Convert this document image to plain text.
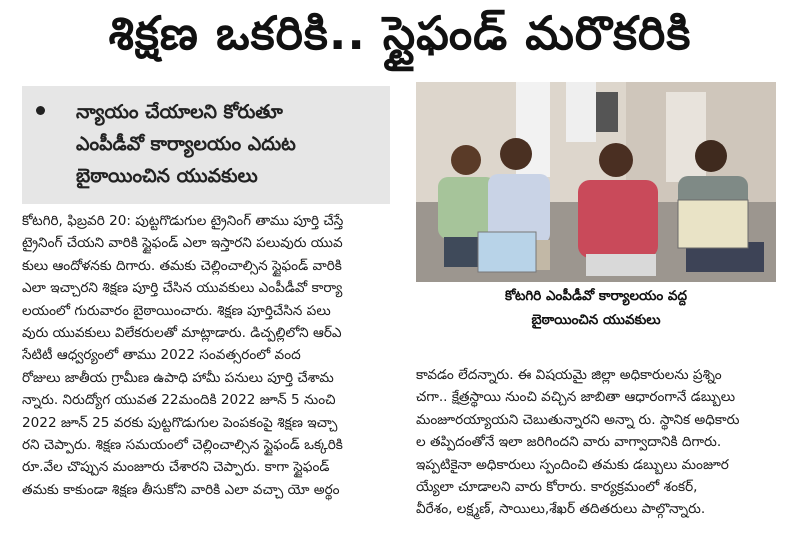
శిక్షణ ఒకరికి.. స్టైఫండ్ మరొకరికి
న్యాయం చేయాలని కోరుతూ
ఎంపీడీవో కార్యాలయం ఎదుట
బైఠాయించిన యువకులు
కోటగిరి ఎంపీడీవో కార్యాలయం వద్ద
బైఠాయించిన యువకులు
కోటగిరి, ఫిబ్రవరి 20: పుట్టగొడుగుల ట్రైనింగ్ తాము పూర్తి చేస్తే
ట్రైనింగ్ చేయని వారికి స్టైఫండ్ ఎలా ఇస్తారని పలువురు యువ
కులు ఆందోళనకు దిగారు. తమకు చెల్లించాల్సిన స్టైఫండ్ వారికి
ఎలా ఇచ్చారని శిక్షణ పూర్తి చేసిన యువకులు ఎంపీడీవో కార్యా
లయంలో గురువారం బైఠాయించారు. శిక్షణ పూర్తిచేసిన పలు
వురు యువకులు విలేకరులతో మాట్లాడారు. డిచ్పల్లిలోని ఆర్ఎ
సేటిటీ ఆధ్వర్యంలో తాము 2022 సంవత్సరంలో వంద
రోజులు జాతీయ గ్రామీణ ఉపాధి హామీ పనులు పూర్తి చేశామ
న్నారు. నిరుద్యోగ యువత 22మందికి 2022 జూన్ 5 నుంచి
2022 జూన్ 25 వరకు పుట్టగొడుగుల పెంపకంపై శిక్షణ ఇచ్చా
రని చెప్పారు. శిక్షణ సమయంలో చెల్లించాల్సిన స్టైఫండ్ ఒక్కరికి
రూ.వేల చొప్పున మంజూరు చేశారని చెప్పారు. కాగా స్టైఫండ్
తమకు కాకుండా శిక్షణ తీసుకోని వారికి ఎలా వచ్చా యో అర్థం
కావడం లేదన్నారు. ఈ విషయమై జిల్లా అధికారులను ప్రశ్నిం
చగా.. క్షేత్రస్థాయి నుంచి వచ్చిన జాబితా ఆధారంగానే డబ్బులు
మంజూరయ్యాయని చెబుతున్నారని అన్నా రు. స్థానిక అధికారు
ల తప్పిదంతోనే ఇలా జరిగిందని వారు వాగ్వాదానికి దిగారు.
ఇప్పటికైనా అధికారులు స్పందించి తమకు డబ్బులు మంజూర
య్యేలా చూడాలని వారు కోరారు. కార్యక్రమంలో శంకర్,
వీరేశం, లక్ష్మణ్, సాయిలు,శేఖర్ తదితరులు పాల్గొన్నారు.
